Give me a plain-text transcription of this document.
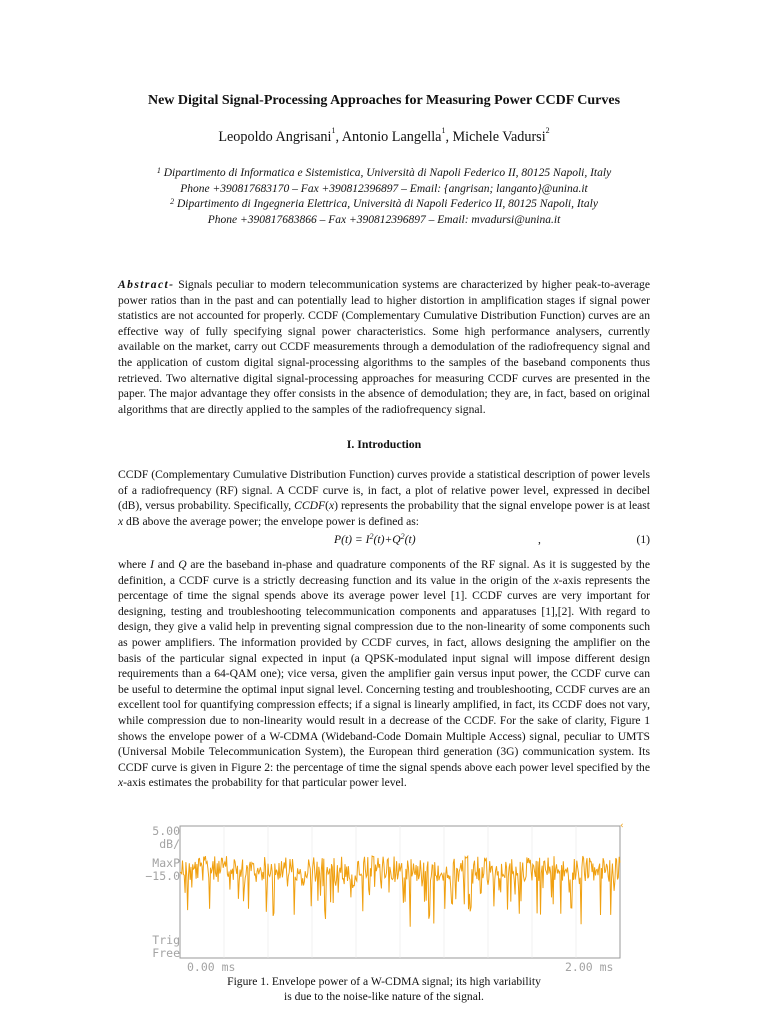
New Digital Signal-Processing Approaches for Measuring Power CCDF Curves
Leopoldo Angrisani$^1$, Antonio Langella$^1$, Michele Vadursi$^2$
$^1$ Dipartimento di Informatica e Sistemistica, Università di Napoli Federico II, 80125 Napoli, Italy
Phone +390817683170 – Fax +390812396897 – Email: {angrisan; langanto}@unina.it
$^2$ Dipartimento di Ingegneria Elettrica, Università di Napoli Federico II, 80125 Napoli, Italy
Phone +390817683866 – Fax +390812396897 – Email: mvadursi@unina.it
Abstract- Signals peculiar to modern telecommunication systems are characterized by higher peak-to-average power ratios than in the past and can potentially lead to higher distortion in amplification stages if signal power statistics are not accounted for properly. CCDF (Complementary Cumulative Distribution Function) curves are an effective way of fully specifying signal power characteristics. Some high performance analysers, currently available on the market, carry out CCDF measurements through a demodulation of the radiofrequency signal and the application of custom digital signal-processing algorithms to the samples of the baseband components thus retrieved. Two alternative digital signal-processing approaches for measuring CCDF curves are presented in the paper. The major advantage they offer consists in the absence of demodulation; they are, in fact, based on original algorithms that are directly applied to the samples of the radiofrequency signal.
I. Introduction
CCDF (Complementary Cumulative Distribution Function) curves provide a statistical description of power levels of a radiofrequency (RF) signal. A CCDF curve is, in fact, a plot of relative power level, expressed in decibel (dB), versus probability. Specifically, CCDF(x) represents the probability that the signal envelope power is at least x dB above the average power; the envelope power is defined as:
$P(t) = I^2(t)+Q^2(t)$	,	(1)
where I and Q are the baseband in-phase and quadrature components of the RF signal. As it is suggested by the definition, a CCDF curve is a strictly decreasing function and its value in the origin of the x-axis represents the percentage of time the signal spends above its average power level [1]. CCDF curves are very important for designing, testing and troubleshooting telecommunication components and apparatuses [1],[2]. With regard to design, they give a valid help in preventing signal compression due to the non-linearity of some components such as power amplifiers. The information provided by CCDF curves, in fact, allows designing the amplifier on the basis of the particular signal expected in input (a QPSK-modulated input signal will impose different design requirements than a 64-QAM one); vice versa, given the amplifier gain versus input power, the CCDF curve can be useful to determine the optimal input signal level. Concerning testing and troubleshooting, CCDF curves are an excellent tool for quantifying compression effects; if a signal is linearly amplified, in fact, its CCDF does not vary, while compression due to non-linearity would result in a decrease of the CCDF. For the sake of clarity, Figure 1 shows the envelope power of a W-CDMA (Wideband-Code Domain Multiple Access) signal, peculiar to UMTS (Universal Mobile Telecommunication System), the European third generation (3G) communication system. Its CCDF curve is given in Figure 2: the percentage of time the signal spends above each power level specified by the x-axis estimates the probability for that particular power level.
5.00
dB/
MaxP
−15.0
Trig
Free
‹
0.00 ms	2.00 ms
Figure 1. Envelope power of a W-CDMA signal; its high variability
is due to the noise-like nature of the signal.
